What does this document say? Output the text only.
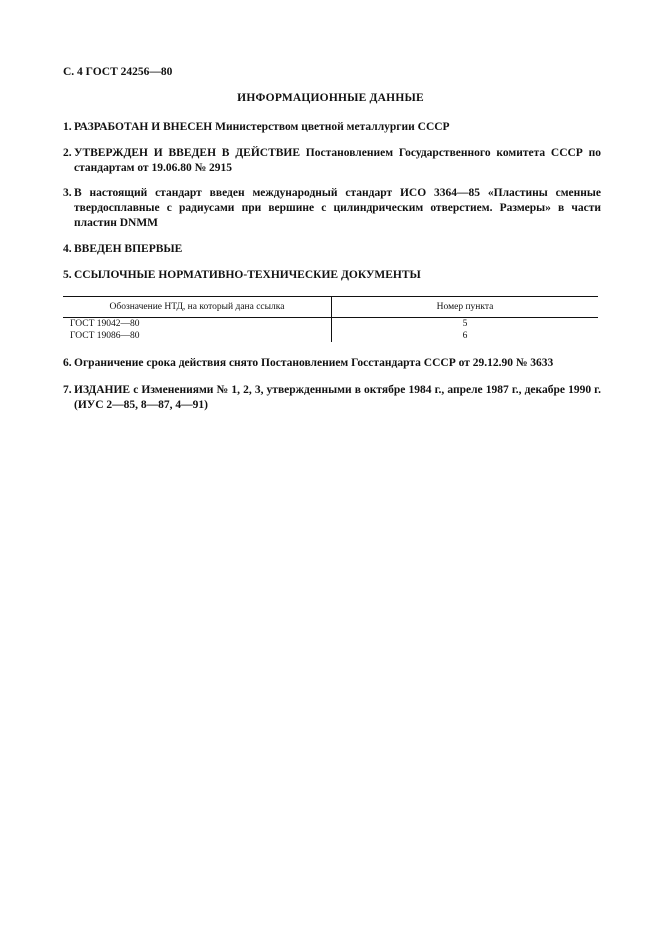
С. 4 ГОСТ 24256—80
ИНФОРМАЦИОННЫЕ ДАННЫЕ
1. РАЗРАБОТАН И ВНЕСЕН Министерством цветной металлургии СССР
2. УТВЕРЖДЕН И ВВЕДЕН В ДЕЙСТВИЕ Постановлением Государственного комитета СССР по стандартам от 19.06.80 № 2915
3. В настоящий стандарт введен международный стандарт ИСО 3364—85 «Пластины сменные твердосплавные с радиусами при вершине с цилиндрическим отверстием. Размеры» в части пластин DNMM
4. ВВЕДЕН ВПЕРВЫЕ
5. ССЫЛОЧНЫЕ НОРМАТИВНО-ТЕХНИЧЕСКИЕ ДОКУМЕНТЫ
Обозначение НТД, на который дана ссылка	Номер пункта
ГОСТ 19042—80	5
ГОСТ 19086—80	6
6. Ограничение срока действия снято Постановлением Госстандарта СССР от 29.12.90 № 3633
7. ИЗДАНИЕ с Изменениями № 1, 2, 3, утвержденными в октябре 1984 г., апреле 1987 г., декабре 1990 г. (ИУС 2—85, 8—87, 4—91)
